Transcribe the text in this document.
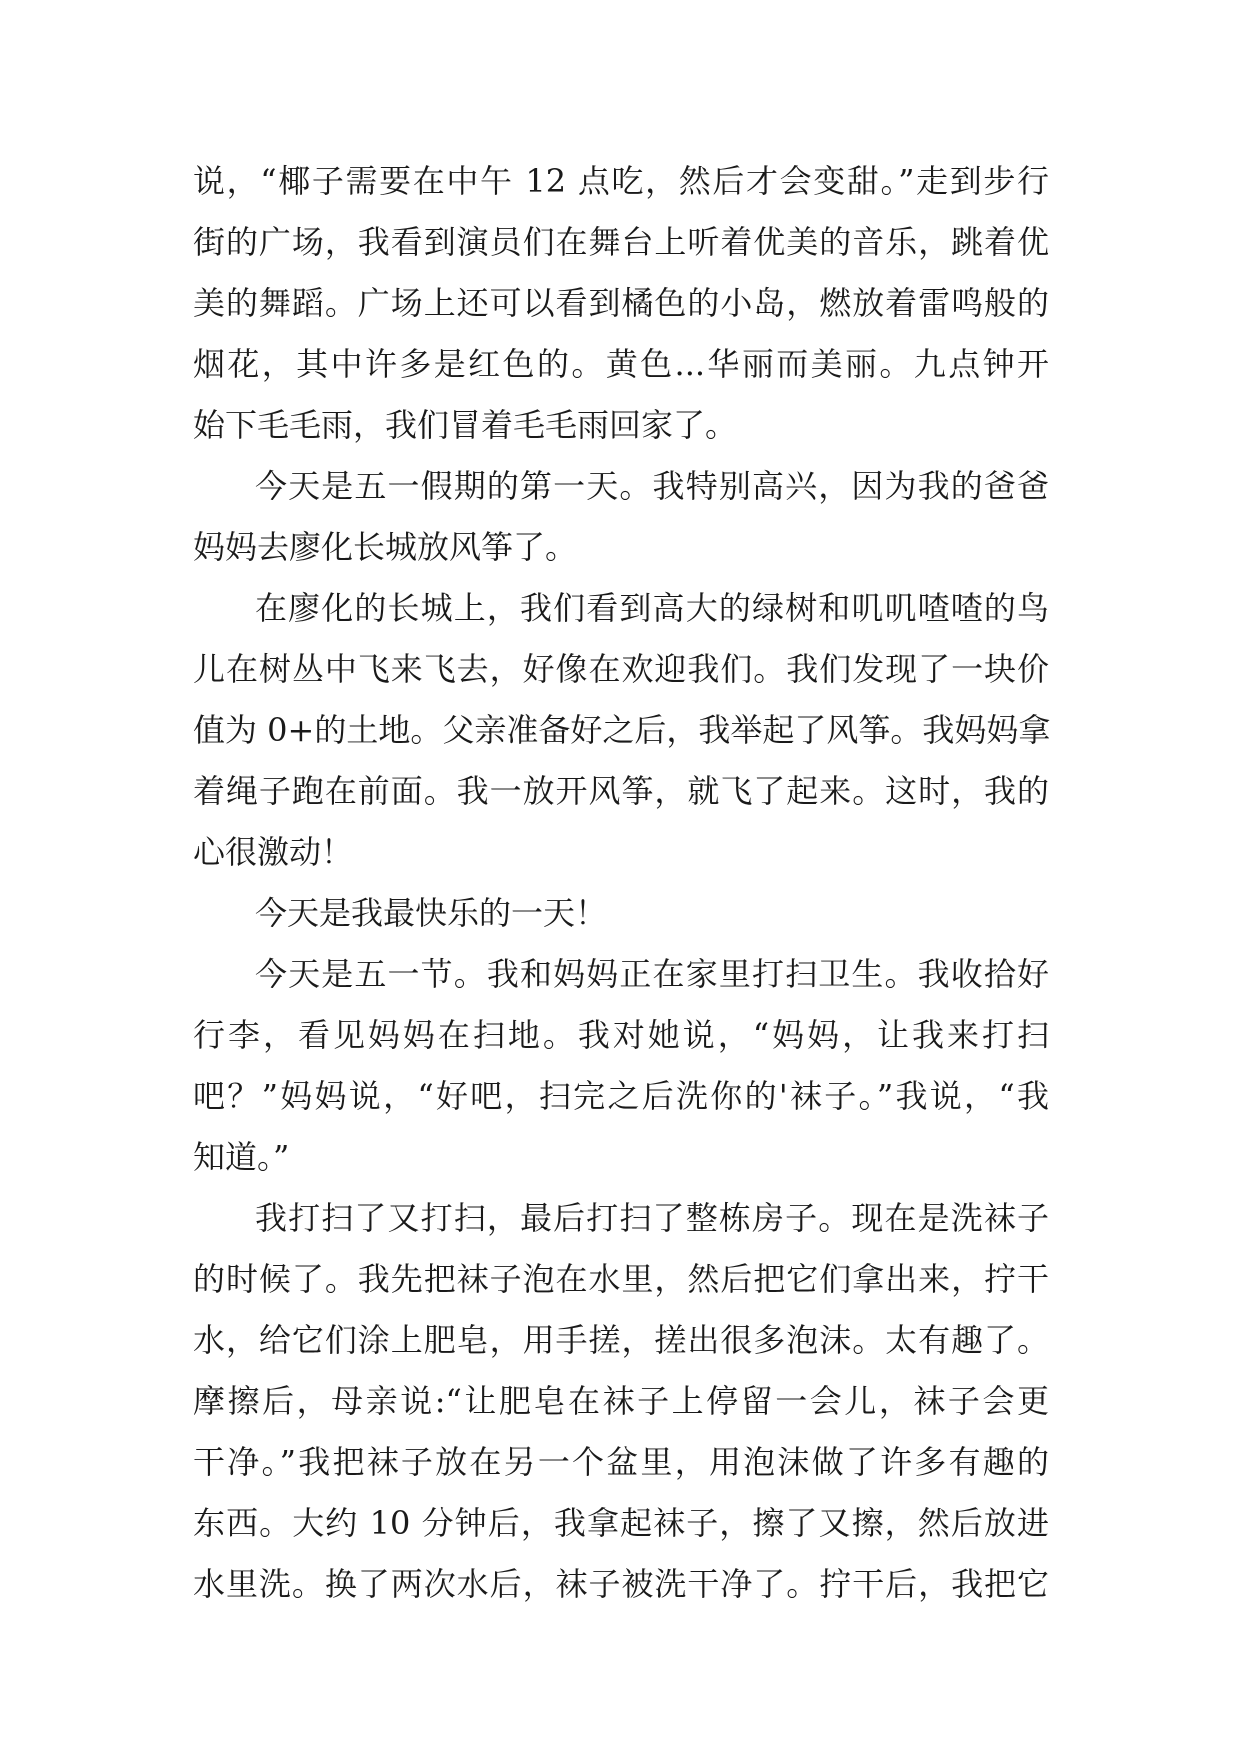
说，“椰子需要在中午 12 点吃，然后才会变甜。”走到步行
街的广场，我看到演员们在舞台上听着优美的音乐，跳着优
美的舞蹈。广场上还可以看到橘色的小岛，燃放着雷鸣般的
烟花，其中许多是红色的。黄色...华丽而美丽。九点钟开
始下毛毛雨，我们冒着毛毛雨回家了。
今天是五一假期的第一天。我特别高兴，因为我的爸爸
妈妈去廖化长城放风筝了。
在廖化的长城上，我们看到高大的绿树和叽叽喳喳的鸟
儿在树丛中飞来飞去，好像在欢迎我们。我们发现了一块价
值为 0+的土地。父亲准备好之后，我举起了风筝。我妈妈拿
着绳子跑在前面。我一放开风筝，就飞了起来。这时，我的
心很激动！
今天是我最快乐的一天！
今天是五一节。我和妈妈正在家里打扫卫生。我收拾好
行李，看见妈妈在扫地。我对她说，“妈妈，让我来打扫
吧？”妈妈说，“好吧，扫完之后洗你的'袜子。”我说，“我
知道。”
我打扫了又打扫，最后打扫了整栋房子。现在是洗袜子
的时候了。我先把袜子泡在水里，然后把它们拿出来，拧干
水，给它们涂上肥皂，用手搓，搓出很多泡沫。太有趣了。
摩擦后，母亲说:“让肥皂在袜子上停留一会儿，袜子会更
干净。”我把袜子放在另一个盆里，用泡沫做了许多有趣的
东西。大约 10 分钟后，我拿起袜子，擦了又擦，然后放进
水里洗。换了两次水后，袜子被洗干净了。拧干后，我把它
